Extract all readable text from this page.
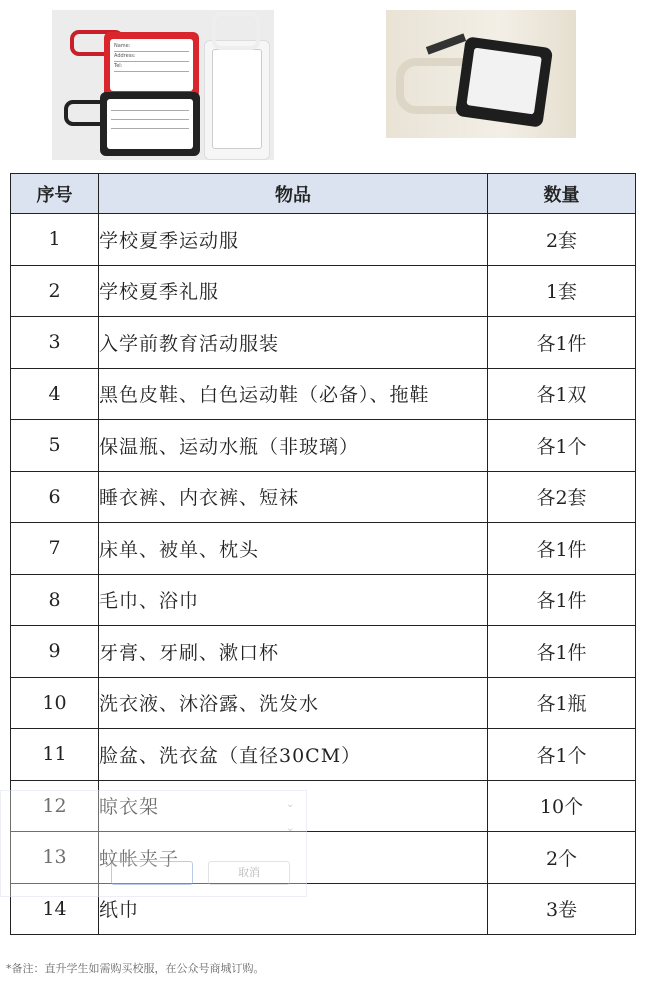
Name:
Address:
Tel:
序号	物品	数量
1	学校夏季运动服	2套
2	学校夏季礼服	1套
3	入学前教育活动服装	各1件
4	黑色皮鞋、白色运动鞋（必备）、拖鞋	各1双
5	保温瓶、运动水瓶（非玻璃）	各1个
6	睡衣裤、内衣裤、短袜	各2套
7	床单、被单、枕头	各1件
8	毛巾、浴巾	各1件
9	牙膏、牙刷、漱口杯	各1件
10	洗衣液、沐浴露、洗发水	各1瓶
11	脸盆、洗衣盆（直径30CM）	各1个
12	晾衣架	10个
13	蚊帐夹子	2个
14	纸巾	3卷
⌄
⌄
取消
*备注：直升学生如需购买校服，在公众号商城订购。
